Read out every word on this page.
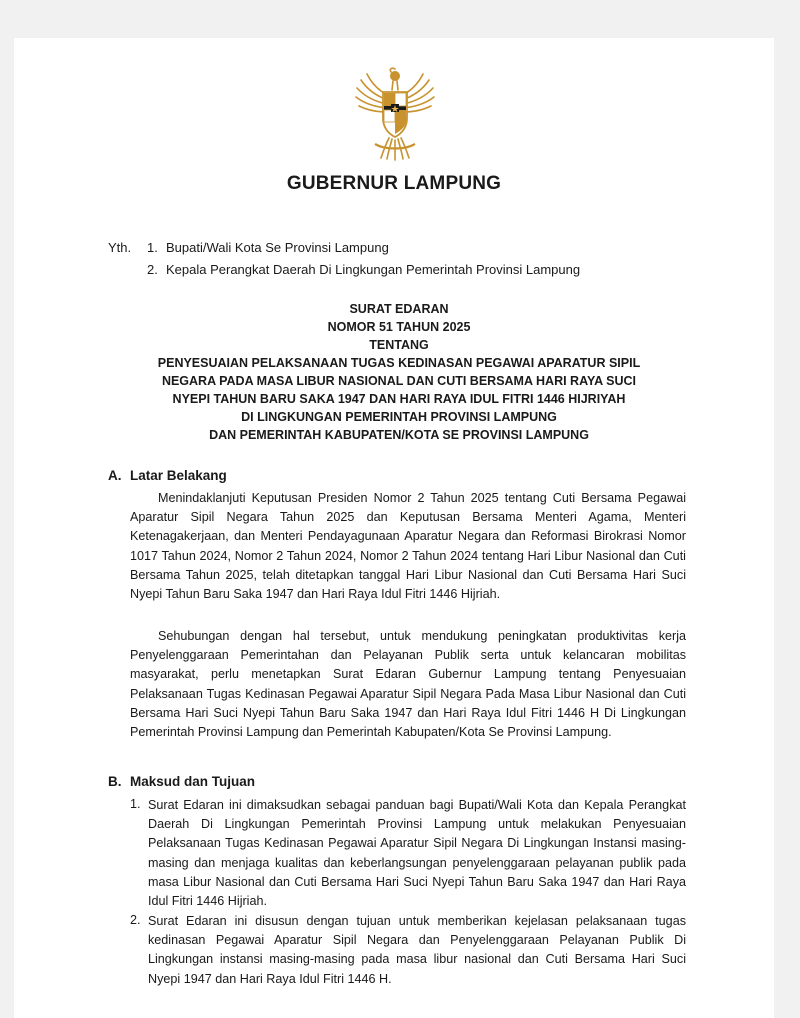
GUBERNUR LAMPUNG
Yth. 1. Bupati/Wali Kota Se Provinsi Lampung
2. Kepala Perangkat Daerah Di Lingkungan Pemerintah Provinsi Lampung
SURAT EDARAN
NOMOR 51 TAHUN 2025
TENTANG
PENYESUAIAN PELAKSANAAN TUGAS KEDINASAN PEGAWAI APARATUR SIPIL
NEGARA PADA MASA LIBUR NASIONAL DAN CUTI BERSAMA HARI RAYA SUCI
NYEPI TAHUN BARU SAKA 1947 DAN HARI RAYA IDUL FITRI 1446 HIJRIYAH
DI LINGKUNGAN PEMERINTAH PROVINSI LAMPUNG
DAN PEMERINTAH KABUPATEN/KOTA SE PROVINSI LAMPUNG
A. Latar Belakang
Menindaklanjuti Keputusan Presiden Nomor 2 Tahun 2025 tentang Cuti Bersama Pegawai Aparatur Sipil Negara Tahun 2025 dan Keputusan Bersama Menteri Agama, Menteri Ketenagakerjaan, dan Menteri Pendayagunaan Aparatur Negara dan Reformasi Birokrasi Nomor 1017 Tahun 2024, Nomor 2 Tahun 2024, Nomor 2 Tahun 2024 tentang Hari Libur Nasional dan Cuti Bersama Tahun 2025, telah ditetapkan tanggal Hari Libur Nasional dan Cuti Bersama Hari Suci Nyepi Tahun Baru Saka 1947 dan Hari Raya Idul Fitri 1446 Hijriah.
Sehubungan dengan hal tersebut, untuk mendukung peningkatan produktivitas kerja Penyelenggaraan Pemerintahan dan Pelayanan Publik serta untuk kelancaran mobilitas masyarakat, perlu menetapkan Surat Edaran Gubernur Lampung tentang Penyesuaian Pelaksanaan Tugas Kedinasan Pegawai Aparatur Sipil Negara Pada Masa Libur Nasional dan Cuti Bersama Hari Suci Nyepi Tahun Baru Saka 1947 dan Hari Raya Idul Fitri 1446 H Di Lingkungan Pemerintah Provinsi Lampung dan Pemerintah Kabupaten/Kota Se Provinsi Lampung.
B. Maksud dan Tujuan
1. Surat Edaran ini dimaksudkan sebagai panduan bagi Bupati/Wali Kota dan Kepala Perangkat Daerah Di Lingkungan Pemerintah Provinsi Lampung untuk melakukan Penyesuaian Pelaksanaan Tugas Kedinasan Pegawai Aparatur Sipil Negara Di Lingkungan Instansi masing-masing dan menjaga kualitas dan keberlangsungan penyelenggaraan pelayanan publik pada masa Libur Nasional dan Cuti Bersama Hari Suci Nyepi Tahun Baru Saka 1947 dan Hari Raya Idul Fitri 1446 Hijriah.
2. Surat Edaran ini disusun dengan tujuan untuk memberikan kejelasan pelaksanaan tugas kedinasan Pegawai Aparatur Sipil Negara dan Penyelenggaraan Pelayanan Publik Di Lingkungan instansi masing-masing pada masa libur nasional dan Cuti Bersama Hari Suci Nyepi 1947 dan Hari Raya Idul Fitri 1446 H.
